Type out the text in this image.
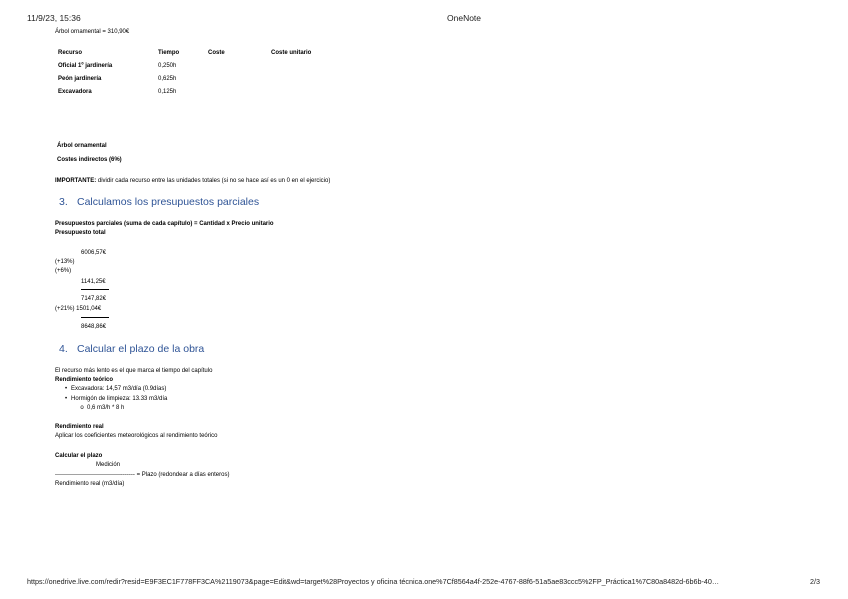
11/9/23, 15:36	OneNote
Árbol ornamental = 310,90€
Recurso	Tiempo	Coste	Coste unitario
Oficial 1º jardinería	0,250h
Peón jardinería	0,625h
Excavadora	0,125h
Árbol ornamental
Costes indirectos (6%)
IMPORTANTE: dividir cada recurso entre las unidades totales (si no se hace así es un 0 en el ejercicio)
3. Calculamos los presupuestos parciales
Presupuestos parciales (suma de cada capítulo) = Cantidad x Precio unitario
Presupuesto total
6006,57€
(+13%)
(+6%)
1141,25€
7147,82€
(+21%) 1501,04€
8648,86€
4. Calcular el plazo de la obra
El recurso más lento es el que marca el tiempo del capítulo
Rendimiento teórico
• Excavadora: 14,57 m3/día (0.9días)
• Hormigón de limpieza: 13.33 m3/día
o 0,6 m3/h * 8 h
Rendimiento real
Aplicar los coeficientes meteorológicos al rendimiento teórico
Calcular el plazo
Medición
---------------------------------------- = Plazo (redondear a días enteros)
Rendimiento real (m3/día)
https://onedrive.live.com/redir?resid=E9F3EC1F778FF3CA%2119073&page=Edit&wd=target%28Proyectos y oficina técnica.one%7Cf8564a4f-252e-4767-88f6-51a5ae83ccc5%2FP_Práctica1%7C80a8482d-6b6b-40…	2/3
